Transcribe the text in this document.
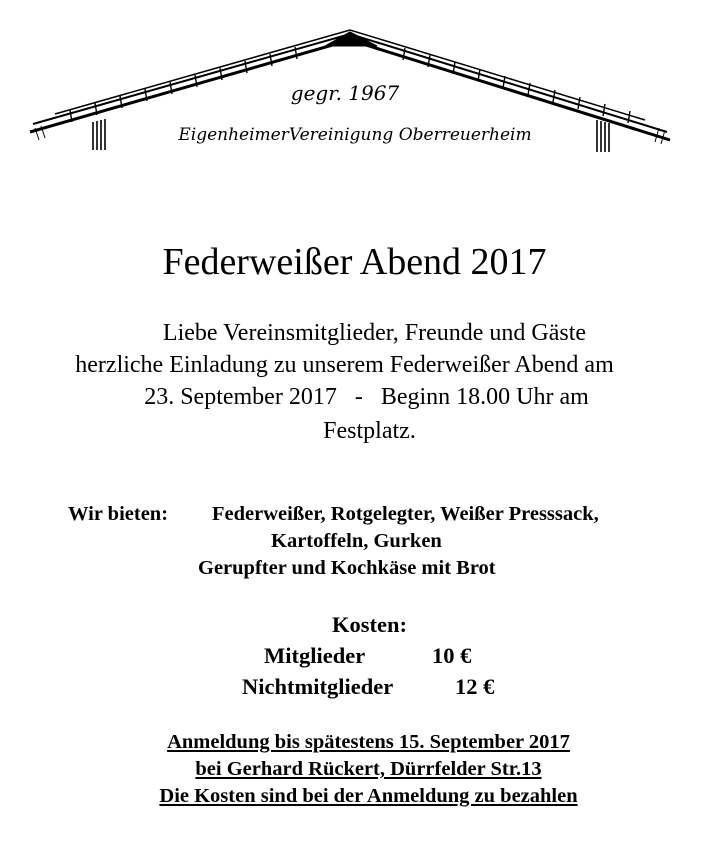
gegr. 1967
EigenheimerVereinigung Oberreuerheim
Federweißer Abend 2017
Liebe Vereinsmitglieder, Freunde und Gäste
herzliche Einladung zu unserem Federweißer Abend am
23. September 2017   -   Beginn 18.00 Uhr am
Festplatz.
Wir bieten: Federweißer, Rotgelegter, Weißer Presssack,
Kartoffeln, Gurken
Gerupfter und Kochkäse mit Brot
Kosten:
Mitglieder	10 €
Nichtmitglieder	12 €
Anmeldung bis spätestens 15. September 2017
bei Gerhard Rückert, Dürrfelder Str.13
Die Kosten sind bei der Anmeldung zu bezahlen
